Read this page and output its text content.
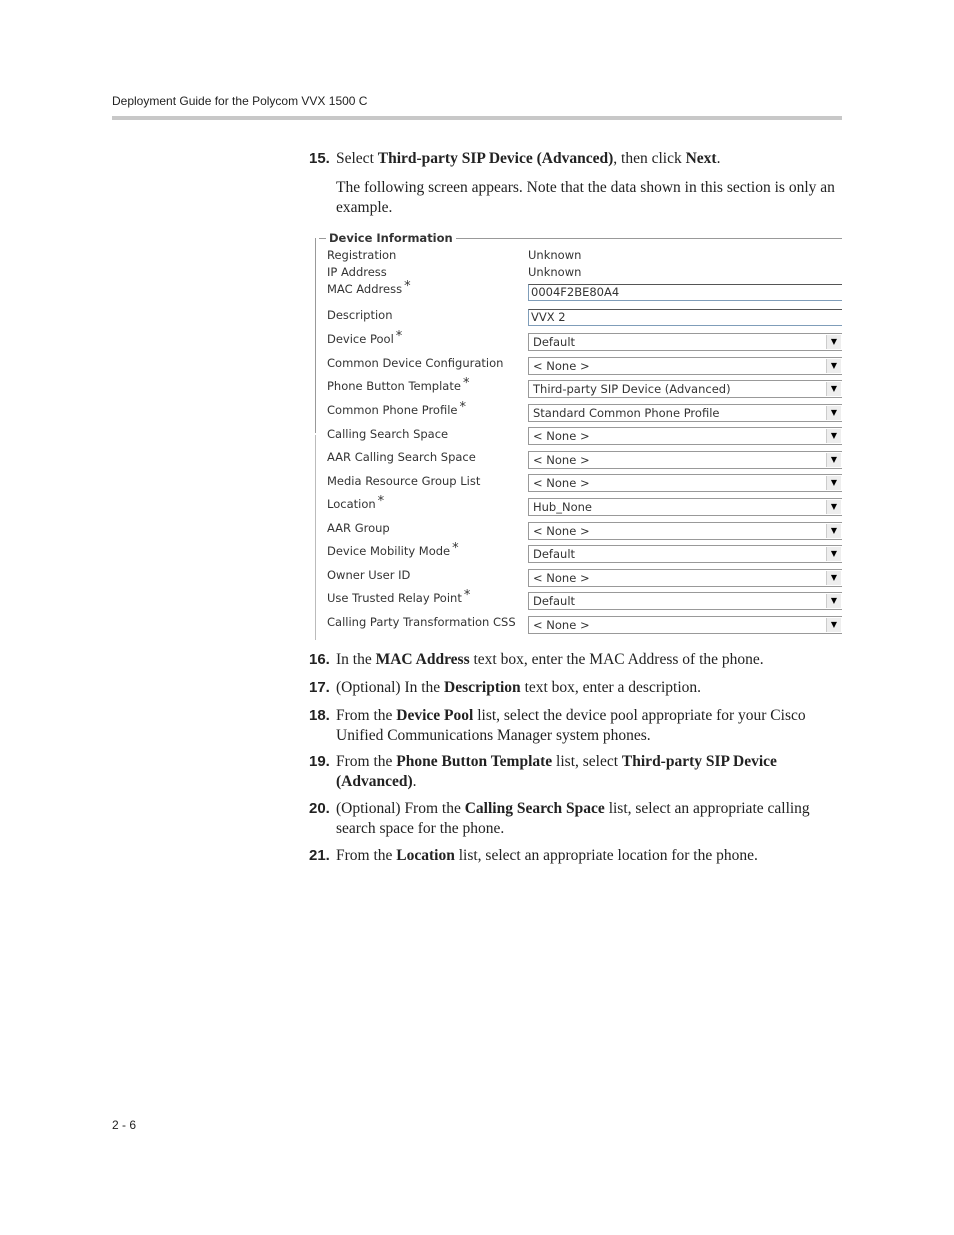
Deployment Guide for the Polycom VVX 1500 C
15. Select Third-party SIP Device (Advanced), then click Next.
The following screen appears. Note that the data shown in this section is only an example.
Device Information
Registration	Unknown
IP Address	Unknown
MAC Address *	0004F2BE80A4
Description	VVX 2
Device Pool *	Default	▼
Common Device Configuration	< None >	▼
Phone Button Template *	Third-party SIP Device (Advanced)	▼
Common Phone Profile *	Standard Common Phone Profile	▼
Calling Search Space	< None >	▼
AAR Calling Search Space	< None >	▼
Media Resource Group List	< None >	▼
Location *	Hub_None	▼
AAR Group	< None >	▼
Device Mobility Mode *	Default	▼
Owner User ID	< None >	▼
Use Trusted Relay Point *	Default	▼
Calling Party Transformation CSS	< None >	▼
16. In the MAC Address text box, enter the MAC Address of the phone.
17. (Optional) In the Description text box, enter a description.
18. From the Device Pool list, select the device pool appropriate for your Cisco Unified Communications Manager system phones.
19. From the Phone Button Template list, select Third-party SIP Device (Advanced).
20. (Optional) From the Calling Search Space list, select an appropriate calling search space for the phone.
21. From the Location list, select an appropriate location for the phone.
2 - 6
